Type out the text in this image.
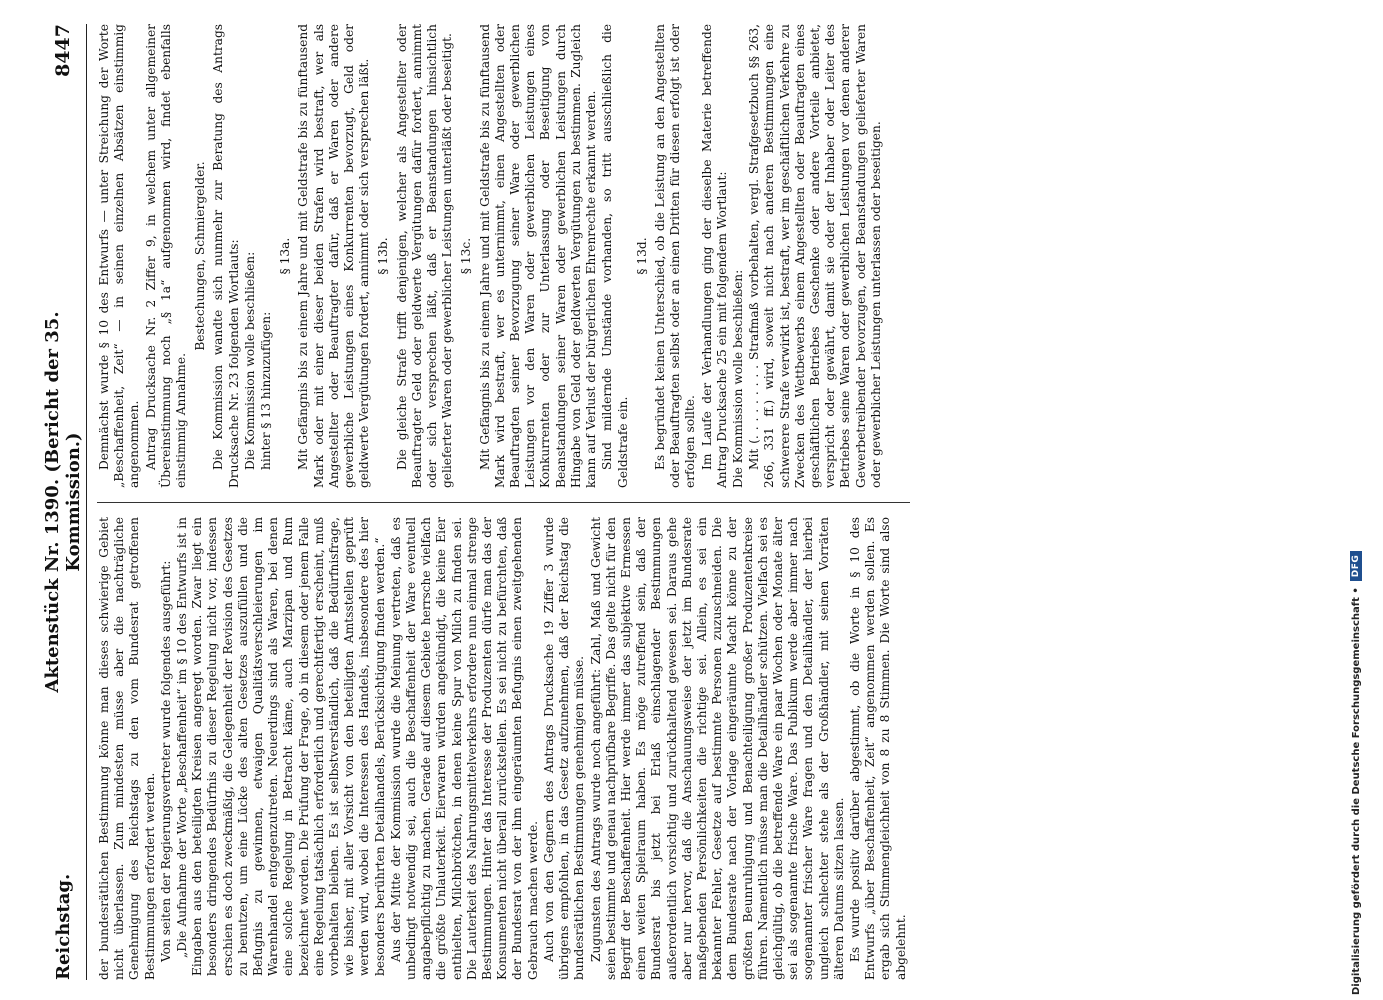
Reichstag.
Aktenstück Nr. 1390. (Bericht der 35. Kommission.)
8447

der bundesrätlichen Bestimmung könne man dieses schwierige Gebiet nicht überlassen. Zum mindesten müsse aber die nachträgliche Genehmigung des Reichstags zu den vom Bundesrat getroffenen Bestimmungen erfordert werden. Von seiten der Regierungsvertreter wurde folgendes ausgeführt: „Die Aufnahme der Worte „Beschaffenheit“ im § 10 des Entwurfs ist in Eingaben aus den beteiligten Kreisen angeregt worden. Zwar liegt ein besonders dringendes Bedürfnis zu dieser Regelung nicht vor, indessen erschien es doch zweckmäßig, die Gelegenheit der Revision des Gesetzes zu benutzen, um eine Lücke des alten Gesetzes auszufüllen und die Befugnis zu gewinnen, etwaigen Qualitätsverschleierungen im Warenhandel entgegenzutreten. Neuerdings sind als Waren, bei denen eine solche Regelung in Betracht käme, auch Marzipan und Rum bezeichnet worden. Die Prüfung der Frage, ob in diesem oder jenem Falle eine Regelung tatsächlich erforderlich und gerechtfertigt erscheint, muß vorbehalten bleiben. Es ist selbstverständlich, daß die Bedürfnisfrage, wie bisher, mit aller Vorsicht von den beteiligten Amtsstellen geprüft werden wird, wobei die Interessen des Handels, insbesondere des hier besonders berührten Detailhandels, Berücksichtigung finden werden.“ Aus der Mitte der Kommission wurde die Meinung vertreten, daß es unbedingt notwendig sei, auch die Beschaffenheit der Ware eventuell angabepflichtig zu machen. Gerade auf diesem Gebiete herrsche vielfach die größte Unlauterkeit. Eierwaren würden angekündigt, die keine Eier enthielten, Milchbrötchen, in denen keine Spur von Milch zu finden sei. Die Lauterkeit des Nahrungsmittelverkehrs erfordere nun einmal strenge Bestimmungen. Hinter das Interesse der Produzenten dürfe man das der Konsumenten nicht überall zurückstellen. Es sei nicht zu befürchten, daß der Bundesrat von der ihm eingeräumten Befugnis einen zweitgehenden Gebrauch machen werde. Auch von den Gegnern des Antrags Drucksache 19 Ziffer 3 wurde übrigens empfohlen, in das Gesetz aufzunehmen, daß der Reichstag die bundesrätlichen Bestimmungen genehmigen müsse. Zugunsten des Antrags wurde noch angeführt: Zahl, Maß und Gewicht seien bestimmte und genau nachprüfbare Begriffe. Das gelte nicht für den Begriff der Beschaffenheit. Hier werde immer das subjektive Ermessen einen weiten Spielraum haben. Es möge zutreffend sein, daß der Bundesrat bis jetzt bei Erlaß einschlagender Bestimmungen außerordentlich vorsichtig und zurückhaltend gewesen sei. Daraus gehe aber nur hervor, daß die Anschauungsweise der jetzt im Bundesrate maßgebenden Persönlichkeiten die richtige sei. Allein, es sei ein bekannter Fehler, Gesetze auf bestimmte Personen zuzuschneiden. Die dem Bundesrate nach der Vorlage eingeräumte Macht könne zu der größten Beunruhigung und Benachteiligung großer Produzentenkreise führen. Namentlich müsse man die Detailhändler schützen. Vielfach sei es gleichgültig, ob die betreffende Ware ein paar Wochen oder Monate älter sei als sogenannte frische Ware. Das Publikum werde aber immer nach sogenannter frischer Ware fragen und den Detailhändler, der hierbei ungleich schlechter stehe als der Großhändler, mit seinen Vorräten älteren Datums sitzen lassen. Es wurde positiv darüber abgestimmt, ob die Worte in § 10 des Entwurfs „über Beschaffenheit, Zeit“ angenommen werden sollen. Es ergab sich Stimmengleichheit von 8 zu 8 Stimmen. Die Worte sind also abgelehnt.

Demnächst wurde § 10 des Entwurfs — unter Streichung der Worte „Beschaffenheit, Zeit“ — in seinen einzelnen Absätzen einstimmig angenommen. Antrag Drucksache Nr. 2 Ziffer 9, in welchem unter allgemeiner Übereinstimmung noch „§ 1a“ aufgenommen wird, findet ebenfalls einstimmig Annahme.

Bestechungen, Schmiergelder. Die Kommission wandte sich nunmehr zur Beratung des Antrags Drucksache Nr. 23 folgenden Wortlauts: Die Kommission wolle beschließen: hinter § 13 hinzuzufügen:

§ 13a. Mit Gefängnis bis zu einem Jahre und mit Geldstrafe bis zu fünftausend Mark oder mit einer dieser beiden Strafen wird bestraft, wer als Angestellter oder Beauftragter dafür, daß er Waren oder andere gewerbliche Leistungen eines Konkurrenten bevorzugt, Geld oder geldwerte Vergütungen fordert, annimmt oder sich versprechen läßt. § 13b. Die gleiche Strafe trifft denjenigen, welcher als Angestellter oder Beauftragter Geld oder geldwerte Vergütungen dafür fordert, annimmt oder sich versprechen läßt, daß er Beanstandungen hinsichtlich gelieferter Waren oder gewerblicher Leistungen unterläßt oder beseitigt. § 13c. Mit Gefängnis bis zu einem Jahre und mit Geldstrafe bis zu fünftausend Mark wird bestraft, wer es unternimmt, einen Angestellten oder Beauftragten seiner Bevorzugung seiner Ware oder gewerblichen Leistungen vor den Waren oder gewerblichen Leistungen eines Konkurrenten oder zur Unterlassung oder Beseitigung von Beanstandungen seiner Waren oder gewerblichen Leistungen durch Hingabe von Geld oder geldwerten Vergütungen zu bestimmen. Zugleich kann auf Verlust der bürgerlichen Ehrenrechte erkannt werden. Sind mildernde Umstände vorhanden, so tritt ausschließlich die Geldstrafe ein.

§ 13d. Es begründet keinen Unterschied, ob die Leistung an den Angestellten oder Beauftragten selbst oder an einen Dritten für diesen erfolgt ist oder erfolgen sollte. Im Laufe der Verhandlungen ging der dieselbe Materie betreffende Antrag Drucksache 25 ein mit folgendem Wortlaut: Die Kommission wolle beschließen: Mit (. . . . . . . . . Strafmaß vorbehalten, vergl. Strafgesetzbuch §§ 263, 266, 331 ff.) wird, soweit nicht nach anderen Bestimmungen eine schwerere Strafe verwirkt ist, bestraft, wer im geschäftlichen Verkehre zu Zwecken des Wettbewerbs einem Angestellten oder Beauftragten eines geschäftlichen Betriebes Geschenke oder andere Vorteile anbietet, verspricht oder gewährt, damit sie oder der Inhaber oder Leiter des Betriebes seine Waren oder gewerblichen Leistungen vor denen anderer Gewerbetreibender bevorzugen, oder Beanstandungen gelieferter Waren oder gewerblicher Leistungen unterlassen oder beseitigen.

Digitalisierung gefördert durch die Deutsche Forschungsgemeinschaft •
DFG
